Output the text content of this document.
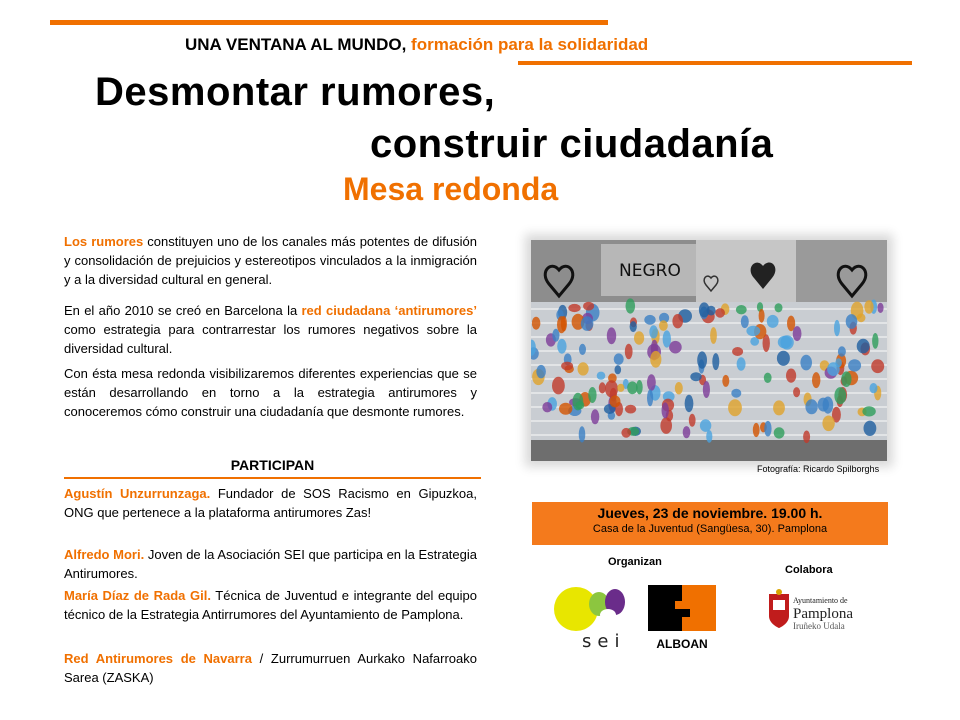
UNA VENTANA AL MUNDO, formación para la solidaridad
Desmontar rumores,
construir ciudadanía
Mesa redonda

Los rumores constituyen uno de los canales más potentes de difusión y consolidación de prejuicios y estereotipos vinculados a la inmigración y a la diversidad cultural en general.

En el año 2010 se creó en Barcelona la red ciudadana ‘antirumores’ como estrategia para contrarrestar los rumores negativos sobre la diversidad cultural.

Con ésta mesa redonda visibilizaremos diferentes experiencias que se están desarrollando en torno a la estrategia antirumores y conoceremos cómo construir una ciudadanía que desmonte rumores.

PARTICIPAN
Agustín Unzurrunzaga. Fundador de SOS Racismo en Gipuzkoa, ONG que pertenece a la plataforma antirumores Zas!
Alfredo Mori. Joven de la Asociación SEI que participa en la Estrategia Antirumores.
María Díaz de Rada Gil. Técnica de Juventud e integrante del equipo técnico de la Estrategia Antirrumores del Ayuntamiento de Pamplona.
Red Antirumores de Navarra / Zurrumurruen Aurkako Nafarroako Sarea (ZASKA)
NEGRO
Fotografía: Ricardo Spilborghs
Jueves, 23 de noviembre. 19.00 h.
Casa de la Juventud (Sangüesa, 30). Pamplona
Organizan
Colabora
sei	ALBOAN
Ayuntamiento de
Pamplona
Iruñeko Udala
